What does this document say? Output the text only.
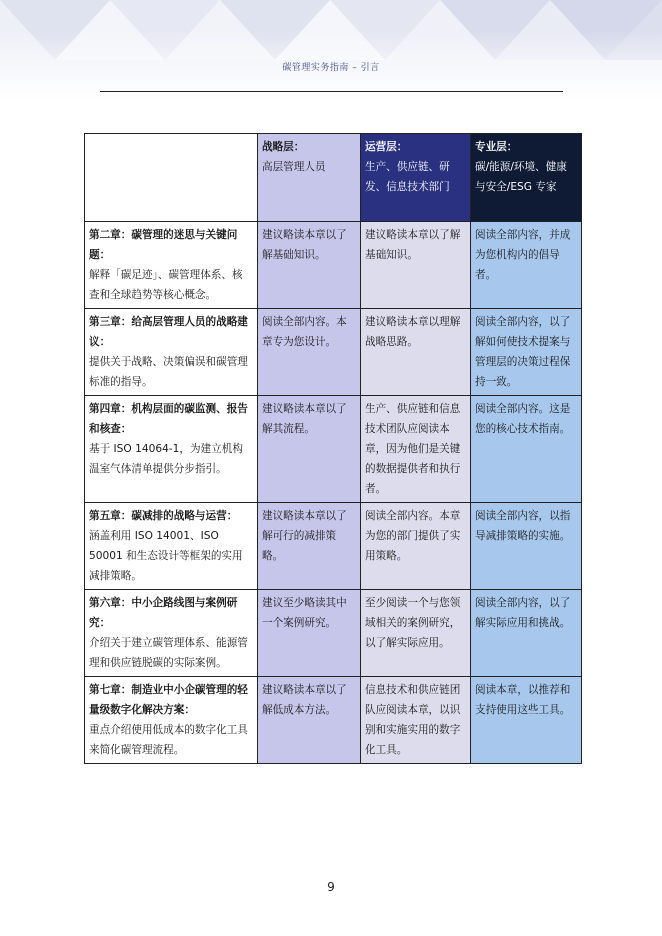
碳管理实务指南 – 引言

	战略层：
高层管理人员	运营层：
生产、供应链、研发、信息技术部门	专业层：
碳/能源/环境、健康与安全/ESG 专家

第二章：碳管理的迷思与关键问题：
解释「碳足迹」、碳管理体系、核查和全球趋势等核心概念。	建议略读本章以了解基础知识。	建议略读本章以了解基础知识。	阅读全部内容，并成为您机构内的倡导者。

第三章：给高层管理人员的战略建议：
提供关于战略、决策偏误和碳管理标准的指导。	阅读全部内容。本章专为您设计。	建议略读本章以理解战略思路。	阅读全部内容，以了解如何使技术提案与管理层的决策过程保持一致。

第四章：机构层面的碳监测、报告和核查：
基于 ISO 14064-1，为建立机构温室气体清单提供分步指引。	建议略读本章以了解其流程。	生产、供应链和信息技术团队应阅读本章，因为他们是关键的数据提供者和执行者。	阅读全部内容。这是您的核心技术指南。

第五章：碳减排的战略与运营：
涵盖利用 ISO 14001、ISO 50001 和生态设计等框架的实用减排策略。	建议略读本章以了解可行的减排策略。	阅读全部内容。本章为您的部门提供了实用策略。	阅读全部内容，以指导减排策略的实施。

第六章：中小企路线图与案例研究：
介绍关于建立碳管理体系、能源管理和供应链脱碳的实际案例。	建议至少略读其中一个案例研究。	至少阅读一个与您领域相关的案例研究，以了解实际应用。	阅读全部内容，以了解实际应用和挑战。

第七章：制造业中小企碳管理的轻量级数字化解决方案：
重点介绍使用低成本的数字化工具来简化碳管理流程。	建议略读本章以了解低成本方法。	信息技术和供应链团队应阅读本章，以识别和实施实用的数字化工具。	阅读本章，以推荐和支持使用这些工具。
9
